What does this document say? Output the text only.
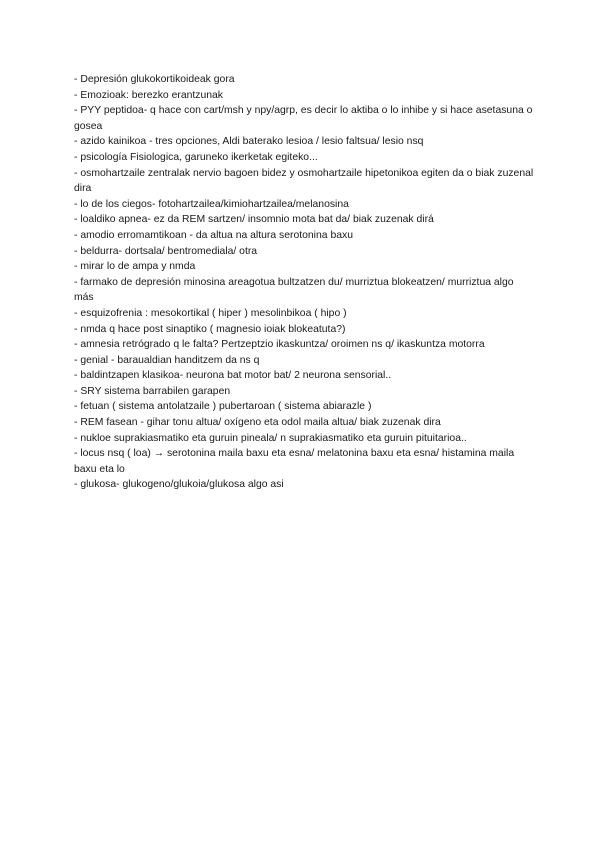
- Depresión glukokortikoideak gora
- Emozioak: berezko erantzunak
- PYY peptidoa- q hace con cart/msh y npy/agrp, es decir lo aktiba o lo inhibe y si hace asetasuna o gosea
- azido kainikoa - tres opciones, Aldi baterako lesioa / lesio faltsua/ lesio nsq
- psicología Fisiologica, garuneko ikerketak egiteko...
- osmohartzaile zentralak nervio bagoen bidez y osmohartzaile hipetonikoa egiten da o biak zuzenal dira
- lo de los ciegos- fotohartzailea/kimiohartzailea/melanosina
- loaldiko apnea- ez da REM sartzen/ insomnio mota bat da/ biak zuzenak dirá
- amodio erromamtikoan - da altua na altura serotonina baxu
- beldurra- dortsala/ bentromediala/ otra
- mirar lo de ampa y nmda
- farmako de depresión minosina areagotua bultzatzen du/ murriztua blokeatzen/ murriztua algo más
- esquizofrenia : mesokortikal ( hiper ) mesolinbikoa ( hipo )
- nmda q hace post sinaptiko ( magnesio ioiak blokeatuta?)
- amnesia retrógrado q le falta? Pertzeptzio ikaskuntza/ oroimen ns q/ ikaskuntza motorra
- genial - baraualdian handitzem da ns q
- baldintzapen klasikoa- neurona bat motor bat/ 2 neurona sensorial..
- SRY sistema barrabilen garapen
- fetuan ( sistema antolatzaile ) pubertaroan ( sistema abiarazle )
- REM fasean - gihar tonu altua/ oxígeno eta odol maila altua/ biak zuzenak dira
- nukloe suprakiasmatiko eta guruin pineala/ n suprakiasmatiko eta guruin pituitarioa..
- locus nsq ( loa) → serotonina maila baxu eta esna/ melatonina baxu eta esna/ histamina maila baxu eta lo
- glukosa- glukogeno/glukoia/glukosa algo asi
